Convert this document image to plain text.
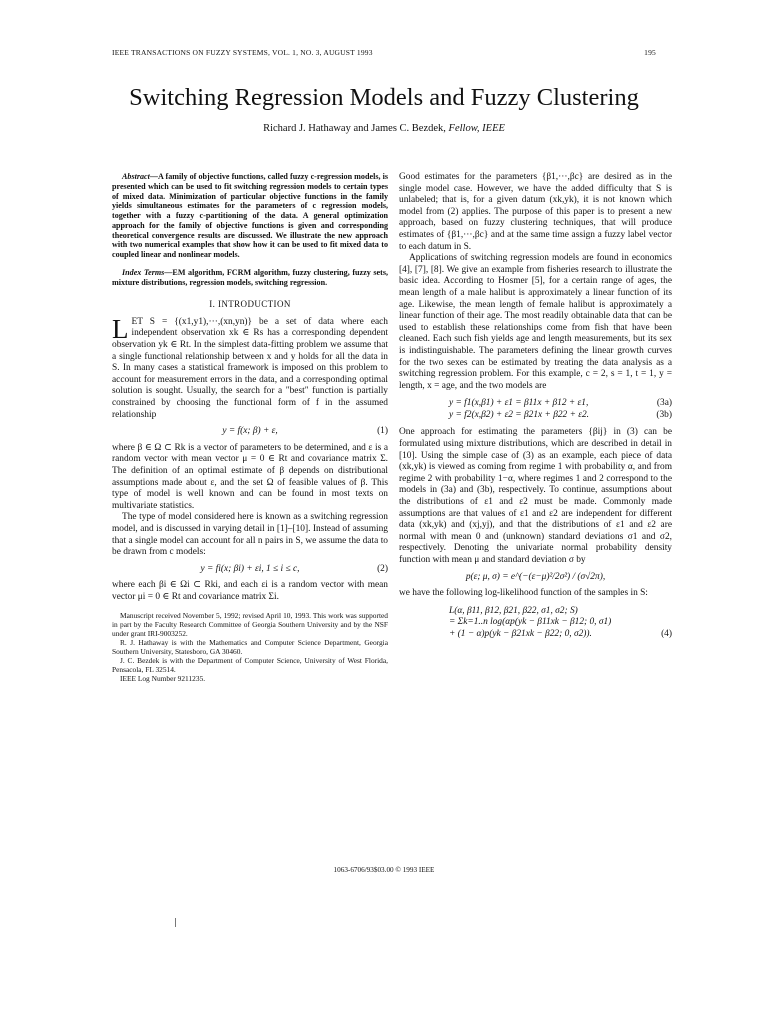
IEEE TRANSACTIONS ON FUZZY SYSTEMS, VOL. 1, NO. 3, AUGUST 1993	195
Switching Regression Models and Fuzzy Clustering
Richard J. Hathaway and James C. Bezdek, Fellow, IEEE

Abstract—A family of objective functions, called fuzzy c-regression models, is presented which can be used to fit switching regression models to certain types of mixed data. Minimization of particular objective functions in the family yields simultaneous estimates for the parameters of c regression models, together with a fuzzy c-partitioning of the data. A general optimization approach for the family of objective functions is given and corresponding theoretical convergence results are discussed. We illustrate the new approach with two numerical examples that show how it can be used to fit mixed data to coupled linear and nonlinear models.

Index Terms—EM algorithm, FCRM algorithm, fuzzy clustering, fuzzy sets, mixture distributions, regression models, switching regression.

I. INTRODUCTION

LET S = {(x1,y1),···,(xn,yn)} be a set of data where each independent observation xk ∈ Rs has a corresponding dependent observation yk ∈ Rt. In the simplest data-fitting problem we assume that a single functional relationship between x and y holds for all the data in S. In many cases a statistical framework is imposed on this problem to account for measurement errors in the data, and a corresponding optimal solution is sought. Usually, the search for a "best" function is partially constrained by choosing the functional form of f in the assumed relationship

y = f(x; β) + ε,	(1)

where β ∈ Ω ⊂ Rk is a vector of parameters to be determined, and ε is a random vector with mean vector μ = 0 ∈ Rt and covariance matrix Σ. The definition of an optimal estimate of β depends on distributional assumptions made about ε, and the set Ω of feasible values of β. This type of model is well known and can be found in most texts on multivariate statistics.

The type of model considered here is known as a switching regression model, and is discussed in varying detail in [1]–[10]. Instead of assuming that a single model can account for all n pairs in S, we assume the data to be drawn from c models:

y = fi(x; βi) + εi, 1 ≤ i ≤ c,	(2)

where each βi ∈ Ωi ⊂ Rki, and each εi is a random vector with mean vector μi = 0 ∈ Rt and covariance matrix Σi.

Manuscript received November 5, 1992; revised April 10, 1993. This work was supported in part by the Faculty Research Committee of Georgia Southern University and by the NSF under grant IRI-9003252.

R. J. Hathaway is with the Mathematics and Computer Science Department, Georgia Southern University, Statesboro, GA 30460.

J. C. Bezdek is with the Department of Computer Science, University of West Florida, Pensacola, FL 32514.

IEEE Log Number 9211235.

Good estimates for the parameters {β1,···,βc} are desired as in the single model case. However, we have the added difficulty that S is unlabeled; that is, for a given datum (xk,yk), it is not known which model from (2) applies. The purpose of this paper is to present a new approach, based on fuzzy clustering techniques, that will produce estimates of {β1,···,βc} and at the same time assign a fuzzy label vector to each datum in S.

Applications of switching regression models are found in economics [4], [7], [8]. We give an example from fisheries research to illustrate the basic idea. According to Hosmer [5], for a certain range of ages, the mean length of a male halibut is approximately a linear function of its age. Likewise, the mean length of female halibut is approximately a linear function of their age. The most readily obtainable data that can be used to establish these relationships come from fish that have been cleaned. Each such fish yields age and length measurements, but its sex is indistinguishable. The parameters defining the linear growth curves for the two sexes can be estimated by treating the data analysis as a switching regression problem. For this example, c = 2, s = 1, t = 1, y = length, x = age, and the two models are

y = f1(x,β1) + ε1 = β11x + β12 + ε1,	(3a)
y = f2(x,β2) + ε2 = β21x + β22 + ε2.	(3b)

One approach for estimating the parameters {βij} in (3) can be formulated using mixture distributions, which are described in detail in [10]. Using the simple case of (3) as an example, each piece of data (xk,yk) is viewed as coming from regime 1 with probability α, and from regime 2 with probability 1−α, where regimes 1 and 2 correspond to the models in (3a) and (3b), respectively. To continue, assumptions about the distributions of ε1 and ε2 must be made. Commonly made assumptions are that values of ε1 and ε2 are independent for different data (xk,yk) and (xj,yj), and that the distributions of ε1 and ε2 are normal with mean 0 and (unknown) standard deviations σ1 and σ2, respectively. Denoting the univariate normal probability density function with mean μ and standard deviation σ by

p(ε; μ, σ) = e^(−(ε−μ)²/2σ²) / (σ√2π),

we have the following log-likelihood function of the samples in S:

L(α, β11, β12, β21, β22, σ1, σ2; S)
= Σk=1..n log(αp(yk − β11xk − β12; 0, σ1)
+ (1 − α)p(yk − β21xk − β22; 0, σ2)).	(4)
1063-6706/93$03.00 © 1993 IEEE
